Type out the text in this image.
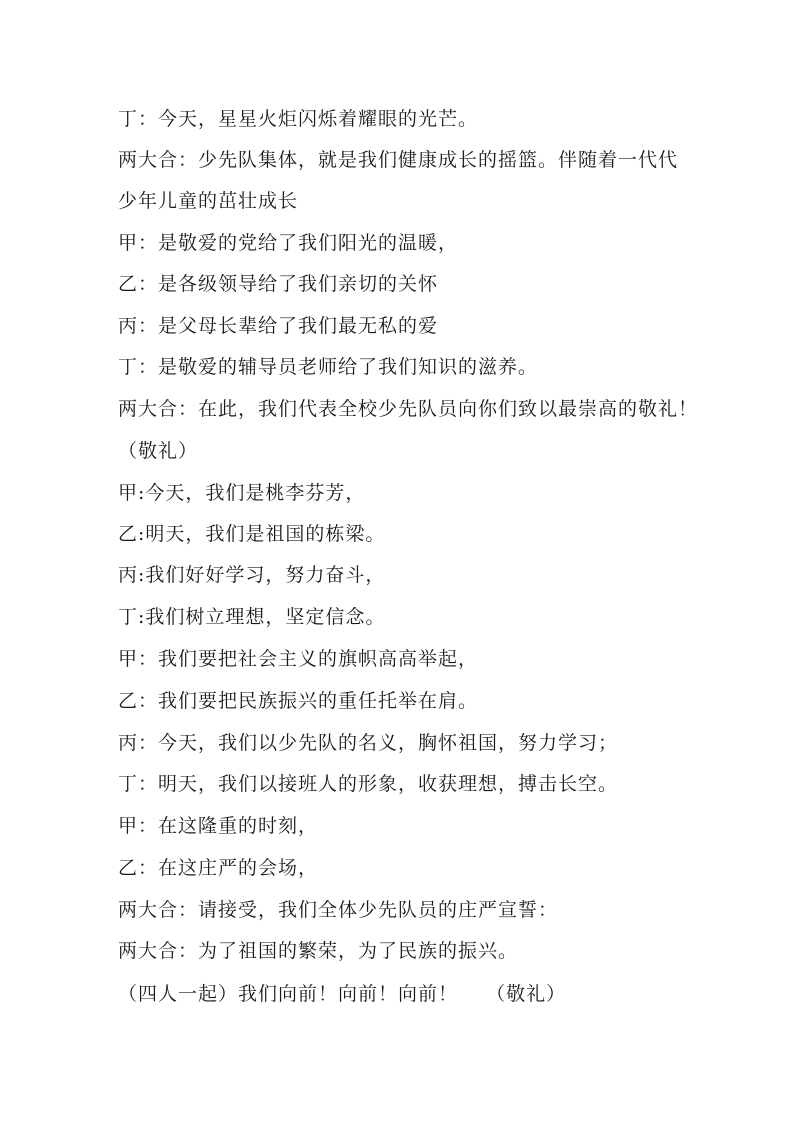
丁：今天，星星火炬闪烁着耀眼的光芒。
两大合：少先队集体，就是我们健康成长的摇篮。伴随着一代代
少年儿童的茁壮成长
甲：是敬爱的党给了我们阳光的温暖，
乙：是各级领导给了我们亲切的关怀
丙：是父母长辈给了我们最无私的爱
丁：是敬爱的辅导员老师给了我们知识的滋养。
两大合：在此，我们代表全校少先队员向你们致以最崇高的敬礼！
（敬礼）
甲:今天，我们是桃李芬芳，
乙:明天，我们是祖国的栋梁。
丙:我们好好学习，努力奋斗，
丁:我们树立理想，坚定信念。
甲：我们要把社会主义的旗帜高高举起，
乙：我们要把民族振兴的重任托举在肩。
丙：今天，我们以少先队的名义，胸怀祖国，努力学习；
丁：明天，我们以接班人的形象，收获理想，搏击长空。
甲：在这隆重的时刻，
乙：在这庄严的会场，
两大合：请接受，我们全体少先队员的庄严宣誓：
两大合：为了祖国的繁荣，为了民族的振兴。
（四人一起）我们向前！向前！向前！    （敬礼）
